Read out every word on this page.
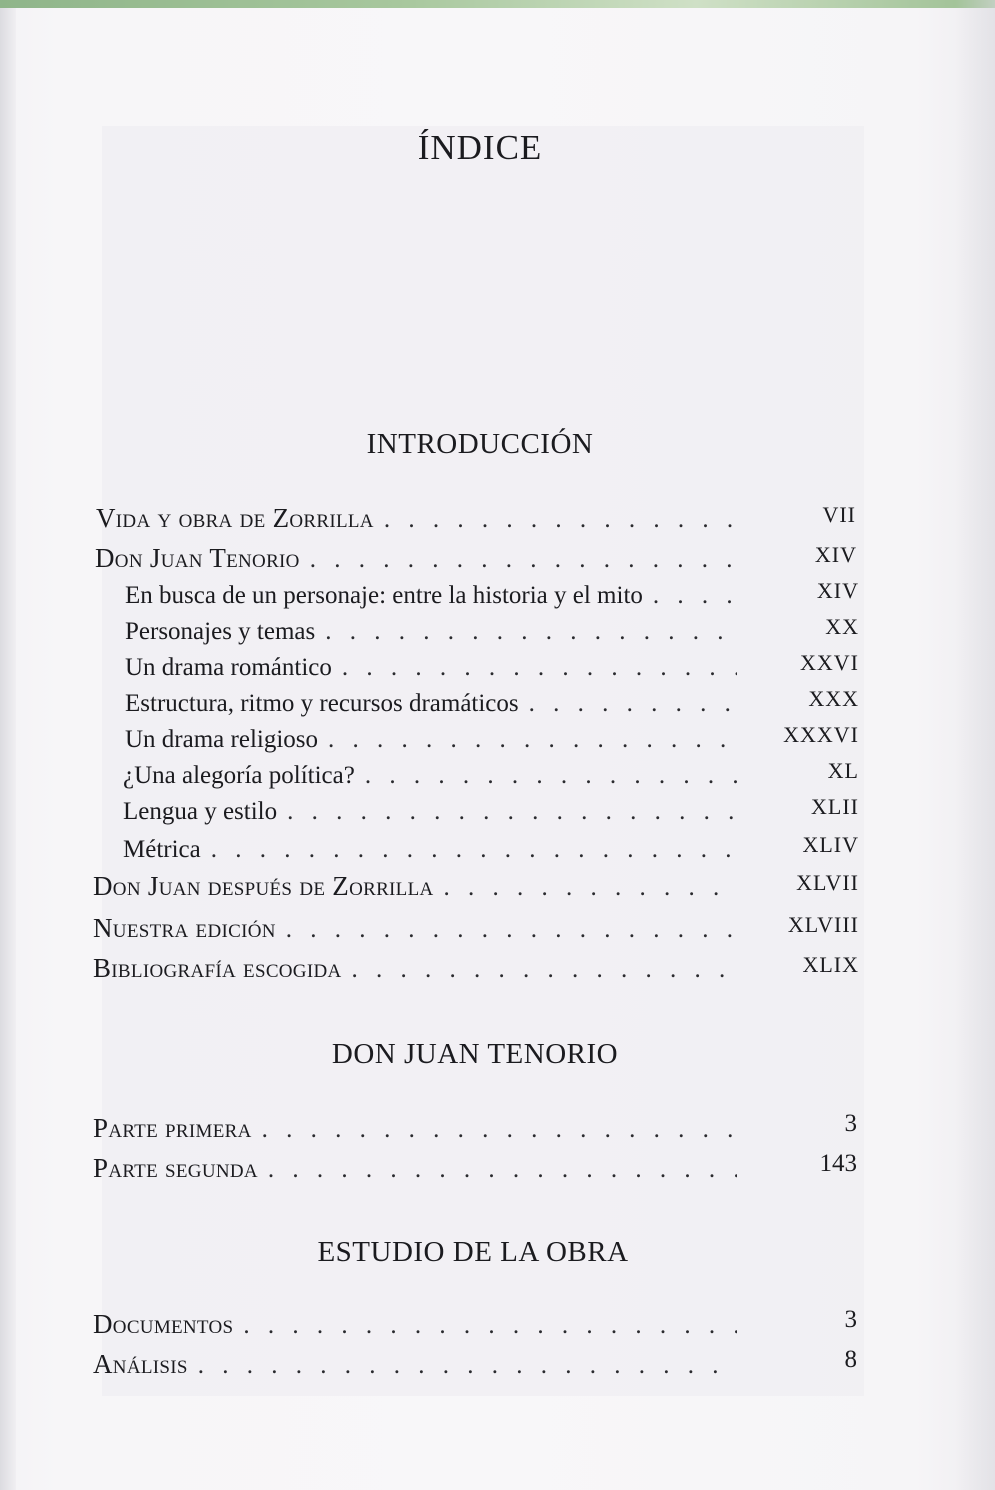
ÍNDICE
INTRODUCCIÓN
Vida y obra de Zorrilla . . .	VII
Don Juan Tenorio . . .	XIV
En busca de un personaje: entre la historia y el mito . . .	XIV
Personajes y temas . . .	XX
Un drama romántico . . .	XXVI
Estructura, ritmo y recursos dramáticos . . .	XXX
Un drama religioso . . .	XXXVI
¿Una alegoría política? . . .	XL
Lengua y estilo . . .	XLII
Métrica . . .	XLIV
Don Juan después de Zorrilla . . .	XLVII
Nuestra edición . . .	XLVIII
Bibliografía escogida . . .	XLIX
DON JUAN TENORIO
Parte primera . . .	3
Parte segunda . . .	143
ESTUDIO DE LA OBRA
Documentos . . .	3
Análisis . . .	8
